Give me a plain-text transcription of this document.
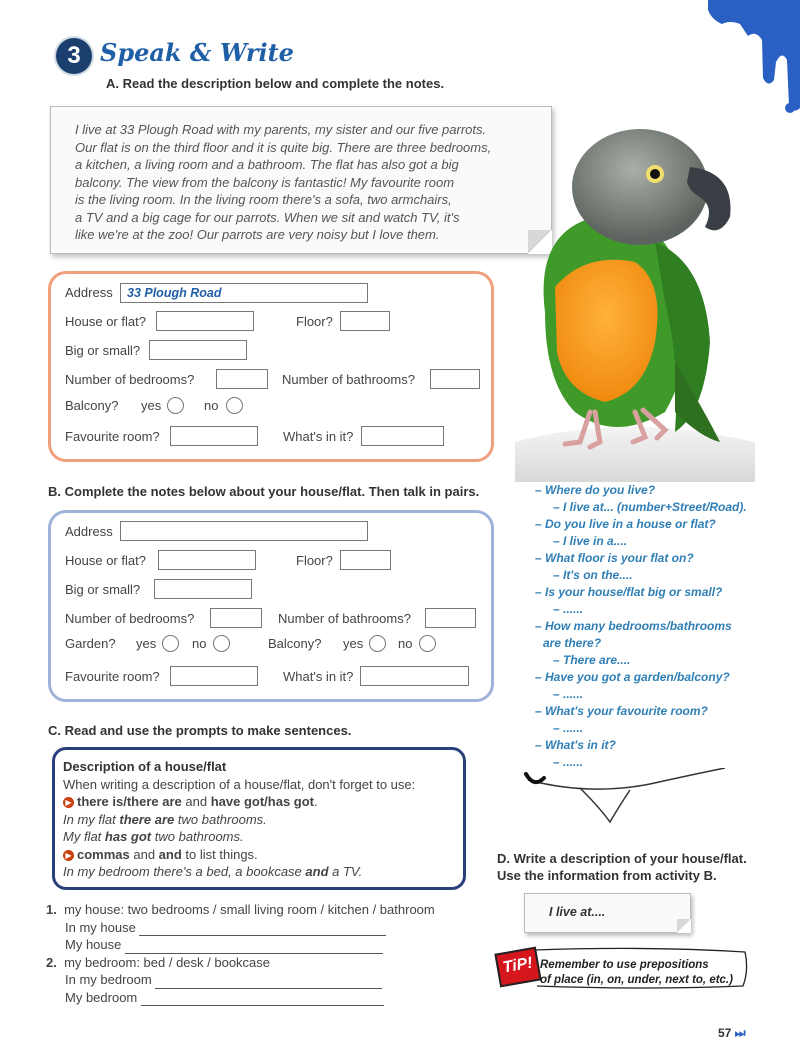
3 Speak & Write
A. Read the description below and complete the notes.
I live at 33 Plough Road with my parents, my sister and our five parrots.
Our flat is on the third floor and it is quite big. There are three bedrooms,
a kitchen, a living room and a bathroom. The flat has also got a big
balcony. The view from the balcony is fantastic! My favourite room
is the living room. In the living room there's a sofa, two armchairs,
a TV and a big cage for our parrots. When we sit and watch TV, it's
like we're at the zoo! Our parrots are very noisy but I love them.
Address	33 Plough Road
House or flat?	Floor?
Big or small?
Number of bedrooms?	Number of bathrooms?
Balcony? yes	no
Favourite room?	What's in it?
B. Complete the notes below about your house/flat. Then talk in pairs.
Address
House or flat?	Floor?
Big or small?
Number of bedrooms?	Number of bathrooms?
Garden? yes	no	Balcony? yes	no
Favourite room?	What's in it?
– Where do you live?
– I live at... (number+Street/Road).
– Do you live in a house or flat?
– I live in a....
– What floor is your flat on?
– It's on the....
– Is your house/flat big or small?
– ......
– How many bedrooms/bathrooms
are there?
– There are....
– Have you got a garden/balcony?
– ......
– What's your favourite room?
– ......
– What's in it?
– ......
C. Read and use the prompts to make sentences.
Description of a house/flat
When writing a description of a house/flat, don't forget to use:
▶ there is/there are and have got/has got.
In my flat there are two bathrooms.
My flat has got two bathrooms.
▶ commas and and to list things.
In my bedroom there's a bed, a bookcase and a TV.
1. my house: two bedrooms / small living room / kitchen / bathroom
In my house
My house
2. my bedroom: bed / desk / bookcase
In my bedroom
My bedroom
D. Write a description of your house/flat.
Use the information from activity B.
I live at....
TiP! Remember to use prepositions
of place (in, on, under, next to, etc.)
57 ⏭
